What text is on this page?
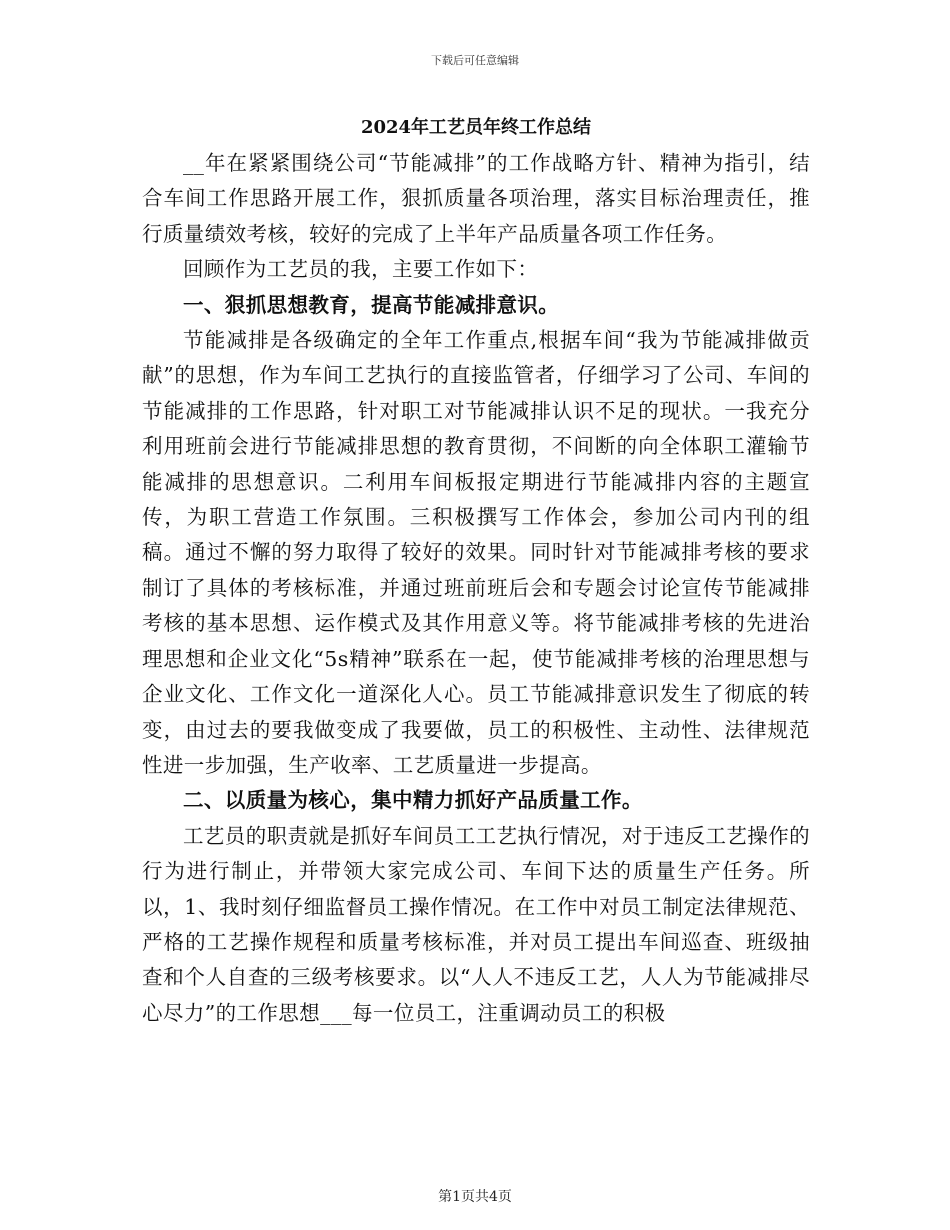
下载后可任意编辑
2024年工艺员年终工作总结

__年在紧紧围绕公司“节能减排”的工作战略方针、精神为指引，结合车间工作思路开展工作，狠抓质量各项治理，落实目标治理责任，推行质量绩效考核，较好的完成了上半年产品质量各项工作任务。

回顾作为工艺员的我，主要工作如下：

一、狠抓思想教育，提高节能减排意识。

节能减排是各级确定的全年工作重点,根据车间“我为节能减排做贡献”的思想，作为车间工艺执行的直接监管者，仔细学习了公司、车间的节能减排的工作思路，针对职工对节能减排认识不足的现状。一我充分利用班前会进行节能减排思想的教育贯彻，不间断的向全体职工灌输节能减排的思想意识。二利用车间板报定期进行节能减排内容的主题宣传，为职工营造工作氛围。三积极撰写工作体会，参加公司内刊的组稿。通过不懈的努力取得了较好的效果。同时针对节能减排考核的要求制订了具体的考核标准，并通过班前班后会和专题会讨论宣传节能减排考核的基本思想、运作模式及其作用意义等。将节能减排考核的先进治理思想和企业文化“5s精神”联系在一起，使节能减排考核的治理思想与企业文化、工作文化一道深化人心。员工节能减排意识发生了彻底的转变，由过去的要我做变成了我要做，员工的积极性、主动性、法律规范性进一步加强，生产收率、工艺质量进一步提高。

二、以质量为核心，集中精力抓好产品质量工作。

工艺员的职责就是抓好车间员工工艺执行情况，对于违反工艺操作的行为进行制止，并带领大家完成公司、车间下达的质量生产任务。所以，1、我时刻仔细监督员工操作情况。在工作中对员工制定法律规范、严格的工艺操作规程和质量考核标准，并对员工提出车间巡查、班级抽查和个人自查的三级考核要求。以“人人不违反工艺，人人为节能减排尽心尽力”的工作思想___每一位员工，注重调动员工的积极

第1页共4页
